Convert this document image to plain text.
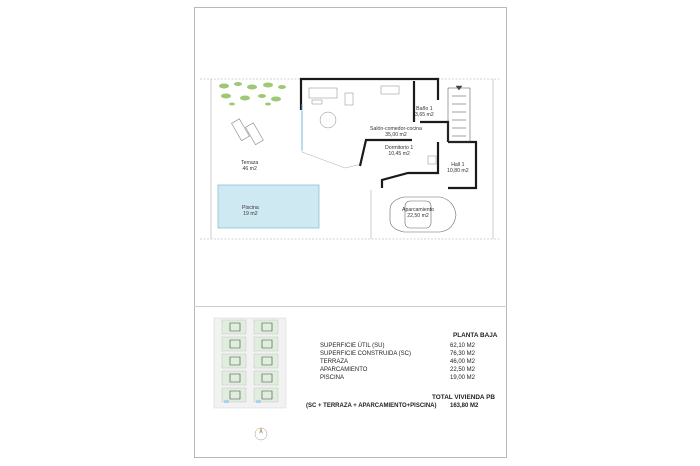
Baño 1
3,65 m2
Salón-comedor-cocina
35,00 m2
Dormitorio 1
10,45 m2
Hall 1
10,80 m2
Terraza
46 m2
Piscina
19 m2
Aparcamiento
22,50 m2
PLANTA BAJA
SUPERFICIE ÚTIL (SU)	62,10 M2
SUPERFICIE CONSTRUIDA (SC)	76,30 M2
TERRAZA	46,00 M2
APARCAMIENTO	22,50 M2
PISCINA	19,00 M2
TOTAL VIVIENDA PB
(SC + TERRAZA + APARCAMIENTO+PISCINA) 163,80 M2
